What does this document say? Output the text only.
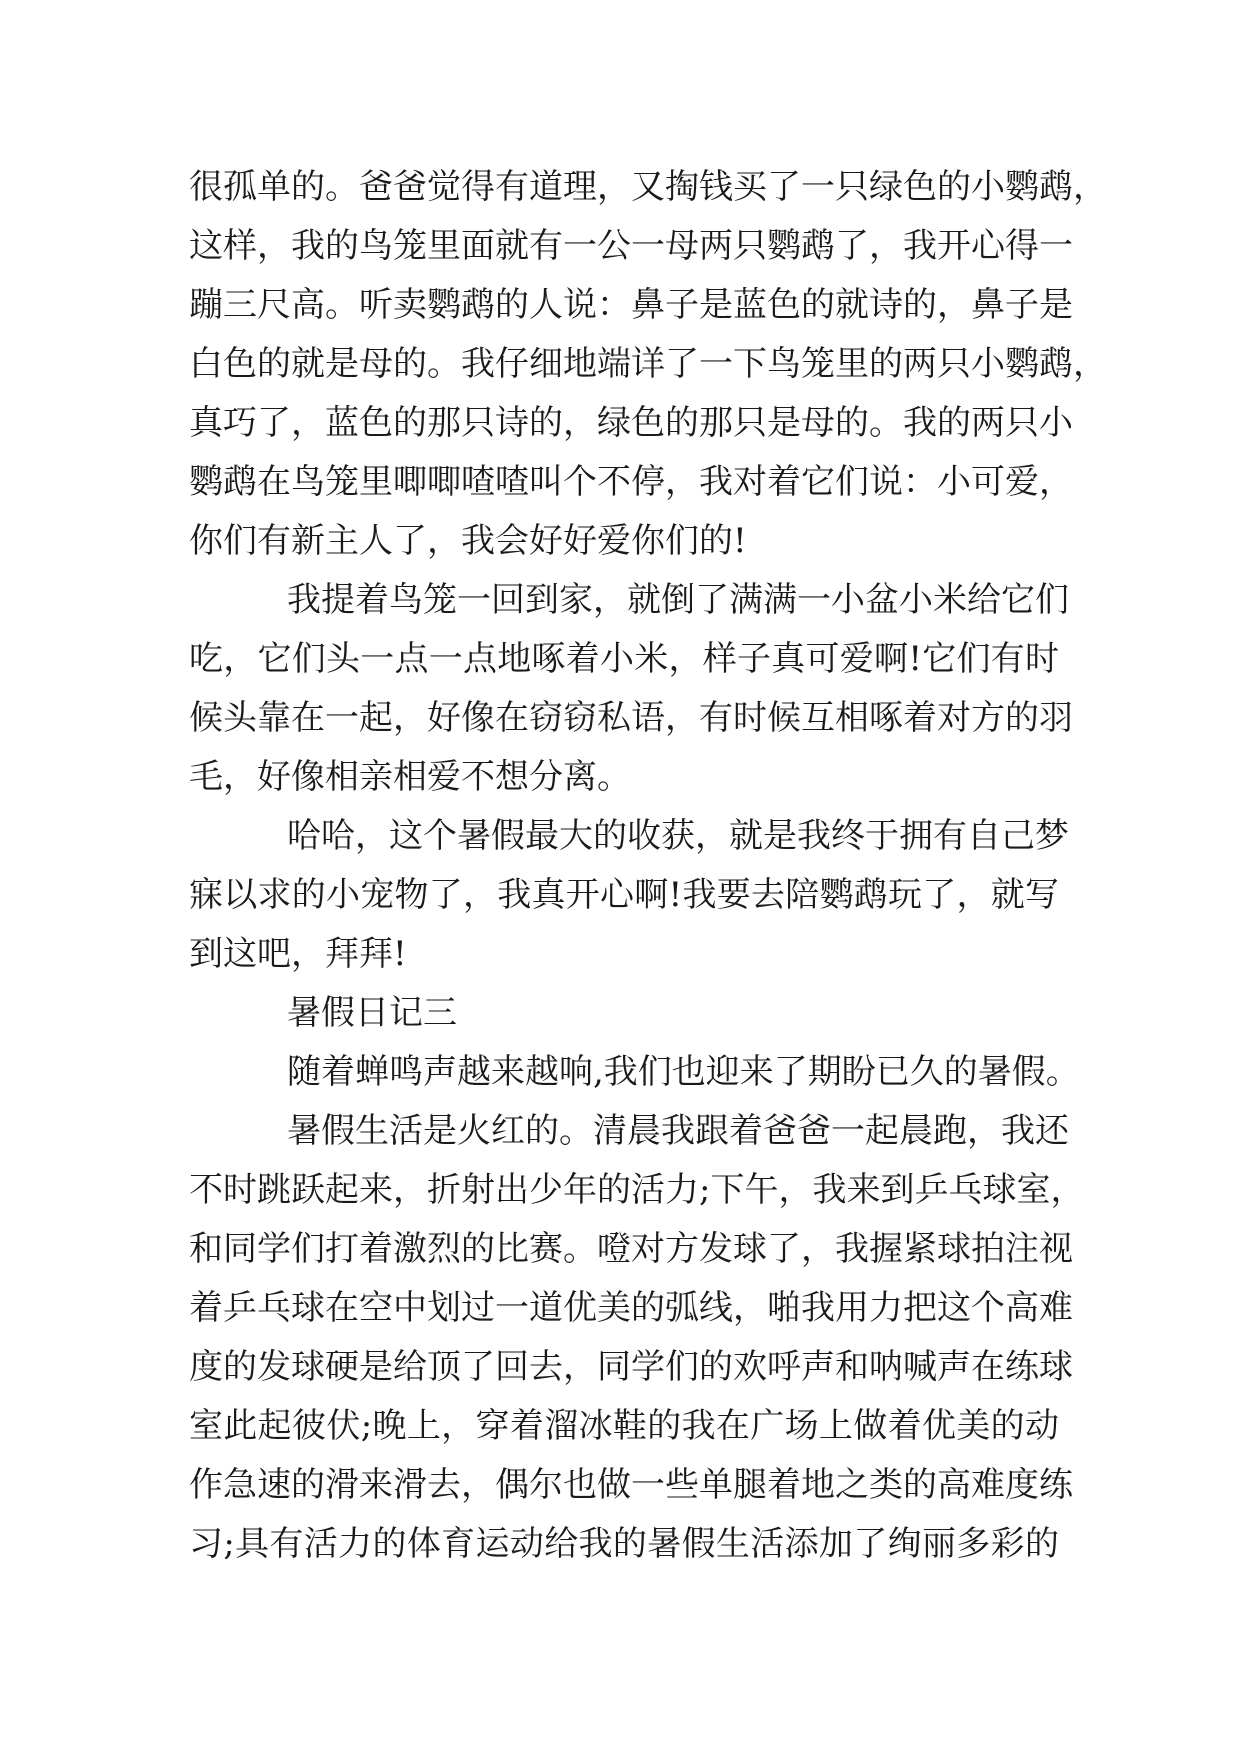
很孤单的。爸爸觉得有道理，又掏钱买了一只绿色的小鹦鹉，
这样，我的鸟笼里面就有一公一母两只鹦鹉了，我开心得一
蹦三尺高。听卖鹦鹉的人说：鼻子是蓝色的就诗的，鼻子是
白色的就是母的。我仔细地端详了一下鸟笼里的两只小鹦鹉，
真巧了，蓝色的那只诗的，绿色的那只是母的。我的两只小
鹦鹉在鸟笼里唧唧喳喳叫个不停，我对着它们说：小可爱，
你们有新主人了，我会好好爱你们的!
我提着鸟笼一回到家，就倒了满满一小盆小米给它们
吃，它们头一点一点地啄着小米，样子真可爱啊!它们有时
候头靠在一起，好像在窃窃私语，有时候互相啄着对方的羽
毛，好像相亲相爱不想分离。
哈哈，这个暑假最大的收获，就是我终于拥有自己梦
寐以求的小宠物了，我真开心啊!我要去陪鹦鹉玩了，就写
到这吧，拜拜!
暑假日记三
随着蝉鸣声越来越响,我们也迎来了期盼已久的暑假。
暑假生活是火红的。清晨我跟着爸爸一起晨跑，我还
不时跳跃起来，折射出少年的活力;下午，我来到乒乓球室，
和同学们打着激烈的比赛。噔对方发球了，我握紧球拍注视
着乒乓球在空中划过一道优美的弧线，啪我用力把这个高难
度的发球硬是给顶了回去，同学们的欢呼声和呐喊声在练球
室此起彼伏;晚上，穿着溜冰鞋的我在广场上做着优美的动
作急速的滑来滑去，偶尔也做一些单腿着地之类的高难度练
习;具有活力的体育运动给我的暑假生活添加了绚丽多彩的
